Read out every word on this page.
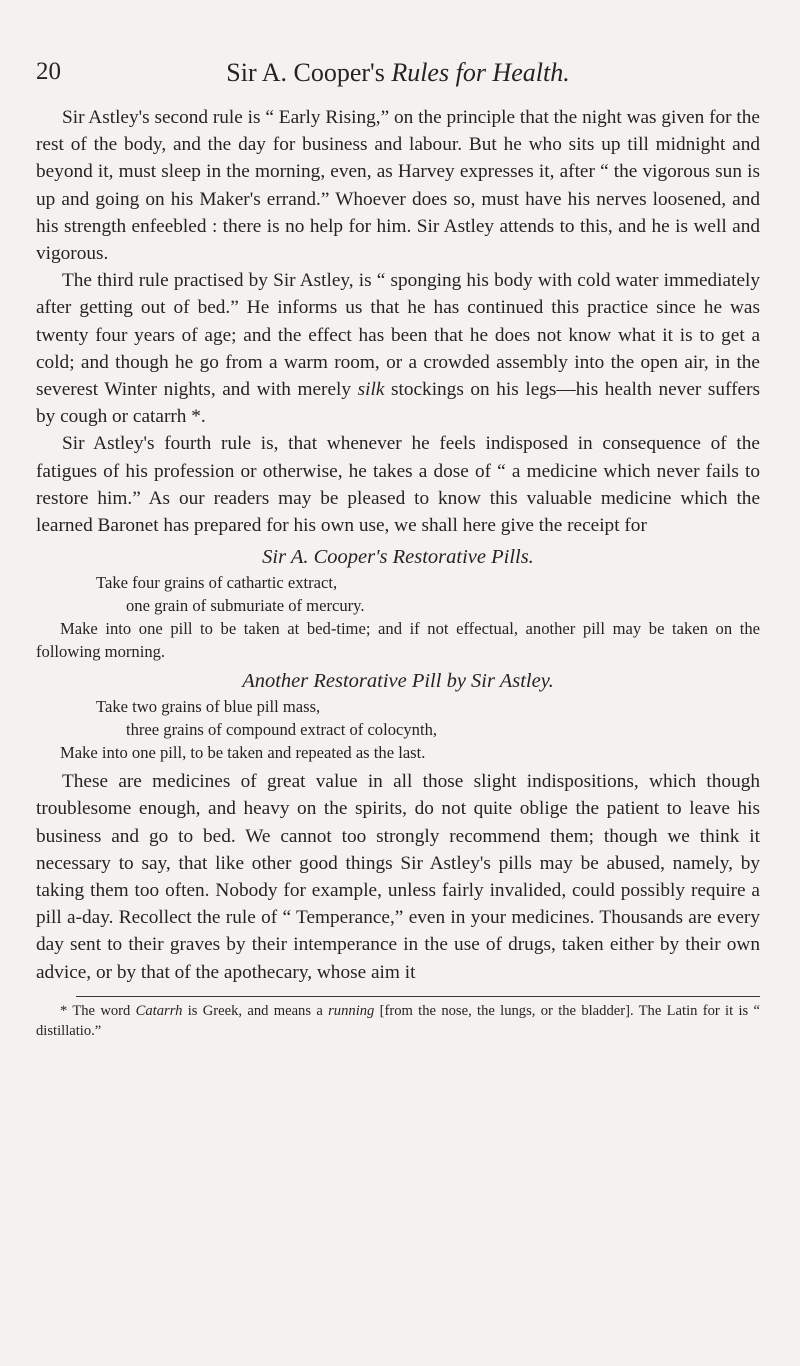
20	Sir A. Cooper's Rules for Health.

Sir Astley's second rule is “ Early Rising,” on the principle that the night was given for the rest of the body, and the day for business and labour. But he who sits up till midnight and beyond it, must sleep in the morning, even, as Harvey expresses it, after “ the vigorous sun is up and going on his Maker's errand.” Whoever does so, must have his nerves loosened, and his strength enfeebled : there is no help for him. Sir Astley attends to this, and he is well and vigorous.

The third rule practised by Sir Astley, is “ sponging his body with cold water immediately after getting out of bed.” He informs us that he has continued this practice since he was twenty four years of age; and the effect has been that he does not know what it is to get a cold; and though he go from a warm room, or a crowded assembly into the open air, in the severest Winter nights, and with merely silk stockings on his legs—his health never suffers by cough or catarrh *.

Sir Astley's fourth rule is, that whenever he feels indisposed in consequence of the fatigues of his profession or otherwise, he takes a dose of “ a medicine which never fails to restore him.” As our readers may be pleased to know this valuable medicine which the learned Baronet has prepared for his own use, we shall here give the receipt for

Sir A. Cooper's Restorative Pills.

Take four grains of cathartic extract,

one grain of submuriate of mercury.

Make into one pill to be taken at bed-time; and if not effectual, another pill may be taken on the following morning.

Another Restorative Pill by Sir Astley.

Take two grains of blue pill mass,

three grains of compound extract of colocynth,

Make into one pill, to be taken and repeated as the last.

These are medicines of great value in all those slight indispositions, which though troublesome enough, and heavy on the spirits, do not quite oblige the patient to leave his business and go to bed. We cannot too strongly recommend them; though we think it necessary to say, that like other good things Sir Astley's pills may be abused, namely, by taking them too often. Nobody for example, unless fairly invalided, could possibly require a pill a-day. Recollect the rule of “ Temperance,” even in your medicines. Thousands are every day sent to their graves by their intemperance in the use of drugs, taken either by their own advice, or by that of the apothecary, whose aim it

* The word Catarrh is Greek, and means a running [from the nose, the lungs, or the bladder]. The Latin for it is “ distillatio.”
